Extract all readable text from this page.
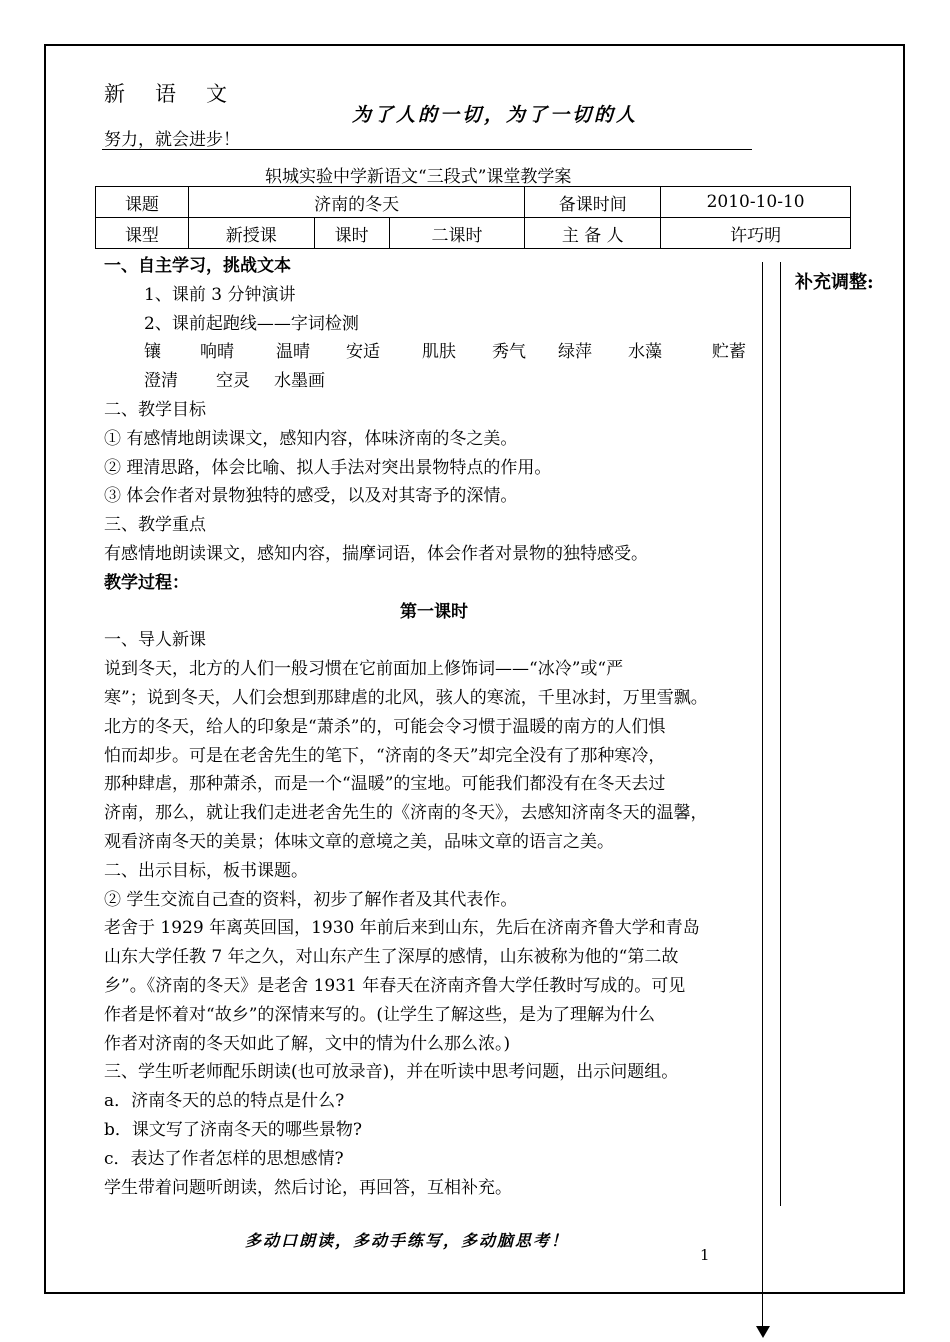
新语文
为了人的一切，为了一切的人
努力，就会进步！
轵城实验中学新语文“三段式”课堂教学案
课题	济南的冬天			备课时间	2010-10-10
课型	新授课	课时	二课时	主 备 人	许巧明
补充调整:

一、自主学习，挑战文本

1、课前 3 分钟演讲

2、课前起跑线——字词检测

镶 响晴 温晴 安适 肌肤 秀气 绿萍 水藻	贮蓄

澄清 空灵 水墨画

二、教学目标

① 有感情地朗读课文，感知内容，体味济南的冬之美。

② 理清思路，体会比喻、拟人手法对突出景物特点的作用。

③ 体会作者对景物独特的感受，以及对其寄予的深情。

三、教学重点

有感情地朗读课文，感知内容，揣摩词语，体会作者对景物的独特感受。

教学过程：

第一课时

一、导人新课

说到冬天，北方的人们一般习惯在它前面加上修饰词——“冰冷”或“严

寒”；说到冬天，人们会想到那肆虐的北风，骇人的寒流，千里冰封，万里雪飘。

北方的冬天，给人的印象是“萧杀”的，可能会令习惯于温暖的南方的人们惧

怕而却步。可是在老舍先生的笔下，“济南的冬天”却完全没有了那种寒冷，

那种肆虐，那种萧杀，而是一个“温暖”的宝地。可能我们都没有在冬天去过

济南，那么，就让我们走进老舍先生的《济南的冬天》，去感知济南冬天的温馨，

观看济南冬天的美景；体味文章的意境之美，品味文章的语言之美。

二、出示目标，板书课题。

② 学生交流自己查的资料，初步了解作者及其代表作。

老舍于 1929 年离英回国，1930 年前后来到山东，先后在济南齐鲁大学和青岛

山东大学任教 7 年之久，对山东产生了深厚的感情，山东被称为他的“第二故

乡”。《济南的冬天》是老舍 1931 年春天在济南齐鲁大学任教时写成的。可见

作者是怀着对“故乡”的深情来写的。(让学生了解这些，是为了理解为什么

作者对济南的冬天如此了解，文中的情为什么那么浓。)

三、学生听老师配乐朗读(也可放录音)，并在听读中思考问题，出示问题组。

a．济南冬天的总的特点是什么?

b．课文写了济南冬天的哪些景物?

c．表达了作者怎样的思想感情?

学生带着问题听朗读，然后讨论，再回答，互相补充。

多动口朗读，多动手练写，多动脑思考！
1
